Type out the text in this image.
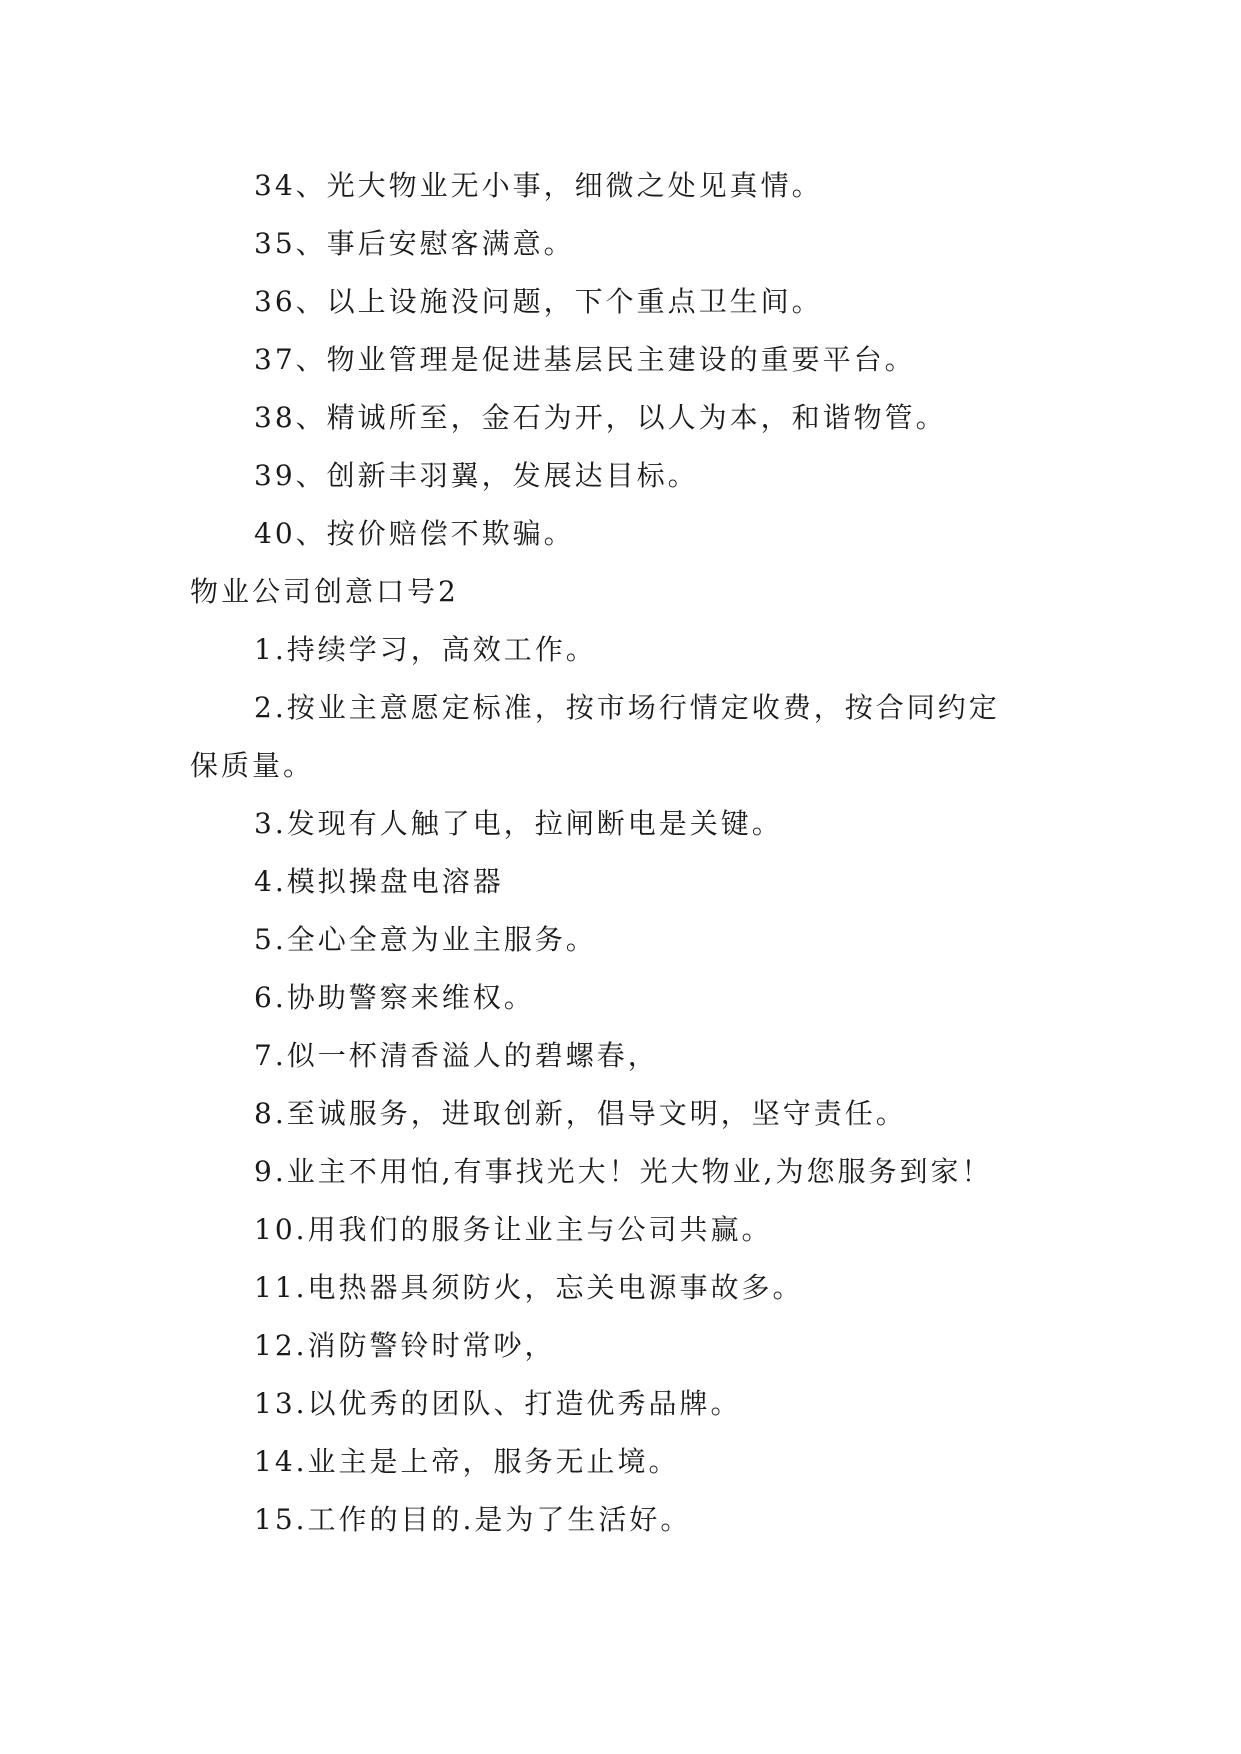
34、光大物业无小事，细微之处见真情。

35、事后安慰客满意。

36、以上设施没问题，下个重点卫生间。

37、物业管理是促进基层民主建设的重要平台。

38、精诚所至，金石为开，以人为本，和谐物管。

39、创新丰羽翼，发展达目标。

40、按价赔偿不欺骗。

物业公司创意口号2

1.持续学习，高效工作。

2.按业主意愿定标准，按市场行情定收费，按合同约定

保质量。

3.发现有人触了电，拉闸断电是关键。

4.模拟操盘电溶器

5.全心全意为业主服务。

6.协助警察来维权。

7.似一杯清香溢人的碧螺春，

8.至诚服务，进取创新，倡导文明，坚守责任。

9.业主不用怕,有事找光大！光大物业,为您服务到家！

10.用我们的服务让业主与公司共赢。

11.电热器具须防火，忘关电源事故多。

12.消防警铃时常吵，

13.以优秀的团队、打造优秀品牌。

14.业主是上帝，服务无止境。

15.工作的目的.是为了生活好。
